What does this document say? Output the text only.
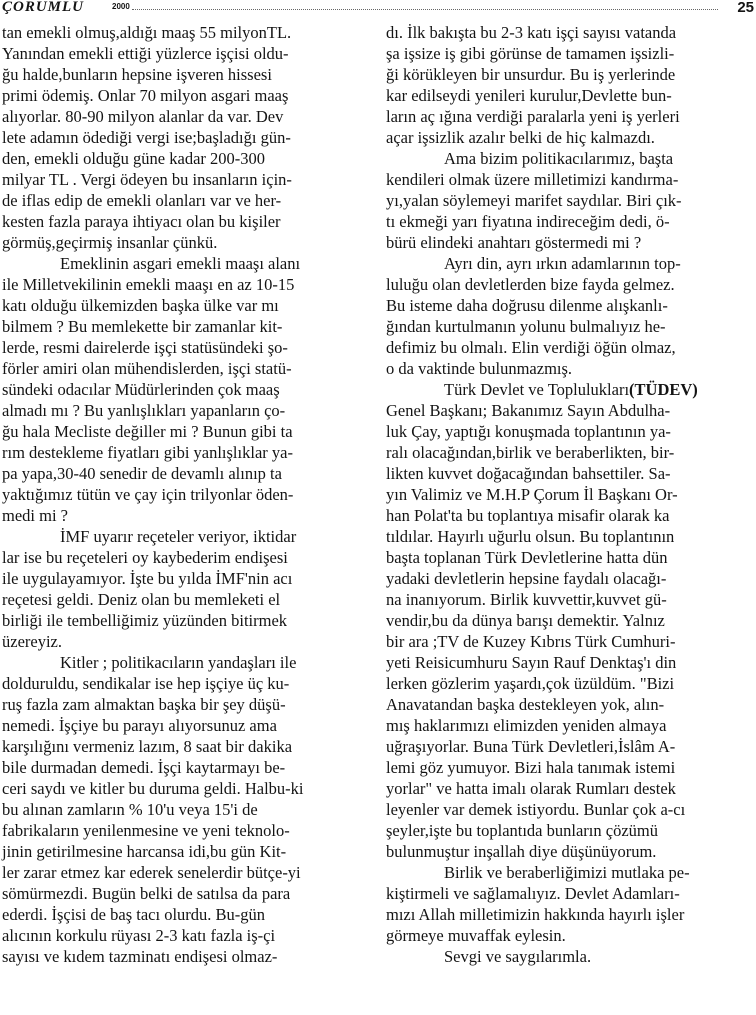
ÇORUMLU	2000	25
tan emekli olmuş,aldığı maaş 55 milyonTL.
Yanından emekli ettiği yüzlerce işçisi oldu-
ğu halde,bunların hepsine işveren hissesi
primi ödemiş. Onlar 70 milyon asgari maaş
alıyorlar. 80-90 milyon alanlar da var. Dev
lete adamın ödediği vergi ise;başladığı gün-
den, emekli olduğu güne kadar 200-300
milyar TL . Vergi ödeyen bu insanların için-
de iflas edip de emekli olanları var ve her-
kesten fazla paraya ihtiyacı olan bu kişiler
görmüş,geçirmiş insanlar çünkü.
Emeklinin asgari emekli maaşı alanı
ile Milletvekilinin emekli maaşı en az 10-15
katı olduğu ülkemizden başka ülke var mı
bilmem ? Bu memlekette bir zamanlar kit-
lerde, resmi dairelerde işçi statüsündeki şo-
förler amiri olan mühendislerden, işçi statü-
sündeki odacılar Müdürlerinden çok maaş
almadı mı ? Bu yanlışlıkları yapanların ço-
ğu hala Mecliste değiller mi ? Bunun gibi ta
rım destekleme fiyatları gibi yanlışlıklar ya-
pa yapa,30-40 senedir de devamlı alınıp ta
yaktığımız tütün ve çay için trilyonlar öden-
medi mi ?
İMF uyarır reçeteler veriyor, iktidar
lar ise bu reçeteleri oy kaybederim endişesi
ile uygulayamıyor. İşte bu yılda İMF'nin acı
reçetesi geldi. Deniz olan bu memleketi el
birliği ile tembelliğimiz yüzünden bitirmek
üzereyiz.
Kitler ; politikacıların yandaşları ile
dolduruldu, sendikalar ise hep işçiye üç ku-
ruş fazla zam almaktan başka bir şey düşü-
nemedi. İşçiye bu parayı alıyorsunuz ama
karşılığını vermeniz lazım, 8 saat bir dakika
bile durmadan demedi. İşçi kaytarmayı be-
ceri saydı ve kitler bu duruma geldi. Halbu-ki
bu alınan zamların % 10'u veya 15'i de
fabrikaların yenilenmesine ve yeni teknolo-
jinin getirilmesine harcansa idi,bu gün Kit-
ler zarar etmez kar ederek senelerdir bütçe-yi
sömürmezdi. Bugün belki de satılsa da para
ederdi. İşçisi de baş tacı olurdu. Bu-gün
alıcının korkulu rüyası 2-3 katı fazla iş-çi
sayısı ve kıdem tazminatı endişesi olmaz-
dı. İlk bakışta bu 2-3 katı işçi sayısı vatanda
şa işsize iş gibi görünse de tamamen işsizli-
ği körükleyen bir unsurdur. Bu iş yerlerinde
kar edilseydi yenileri kurulur,Devlette bun-
ların aç ığına verdiği paralarla yeni iş yerleri
açar işsizlik azalır belki de hiç kalmazdı.
Ama bizim politikacılarımız, başta
kendileri olmak üzere milletimizi kandırma-
yı,yalan söylemeyi marifet saydılar. Biri çık-
tı ekmeği yarı fiyatına indireceğim dedi, ö-
bürü elindeki anahtarı göstermedi mi ?
Ayrı din, ayrı ırkın adamlarının top-
luluğu olan devletlerden bize fayda gelmez.
Bu isteme daha doğrusu dilenme alışkanlı-
ğından kurtulmanın yolunu bulmalıyız he-
defimiz bu olmalı. Elin verdiği öğün olmaz,
o da vaktinde bulunmazmış.
Türk Devlet ve Toplulukları(TÜDEV)
Genel Başkanı; Bakanımız Sayın Abdulha-
luk Çay, yaptığı konuşmada toplantının ya-
ralı olacağından,birlik ve beraberlikten, bir-
likten kuvvet doğacağından bahsettiler. Sa-
yın Valimiz ve M.H.P Çorum İl Başkanı Or-
han Polat'ta bu toplantıya misafir olarak ka
tıldılar. Hayırlı uğurlu olsun. Bu toplantının
başta toplanan Türk Devletlerine hatta dün
yadaki devletlerin hepsine faydalı olacağı-
na inanıyorum. Birlik kuvvettir,kuvvet gü-
vendir,bu da dünya barışı demektir. Yalnız
bir ara ;TV de Kuzey Kıbrıs Türk Cumhuri-
yeti Reisicumhuru Sayın Rauf Denktaş'ı din
lerken gözlerim yaşardı,çok üzüldüm. "Bizi
Anavatandan başka destekleyen yok, alın-
mış haklarımızı elimizden yeniden almaya
uğraşıyorlar. Buna Türk Devletleri,İslâm A-
lemi göz yumuyor. Bizi hala tanımak istemi
yorlar" ve hatta imalı olarak Rumları destek
leyenler var demek istiyordu. Bunlar çok a-cı
şeyler,işte bu toplantıda bunların çözümü
bulunmuştur inşallah diye düşünüyorum.
Birlik ve beraberliğimizi mutlaka pe-
kiştirmeli ve sağlamalıyız. Devlet Adamları-
mızı Allah milletimizin hakkında hayırlı işler
görmeye muvaffak eylesin.
Sevgi ve saygılarımla.
